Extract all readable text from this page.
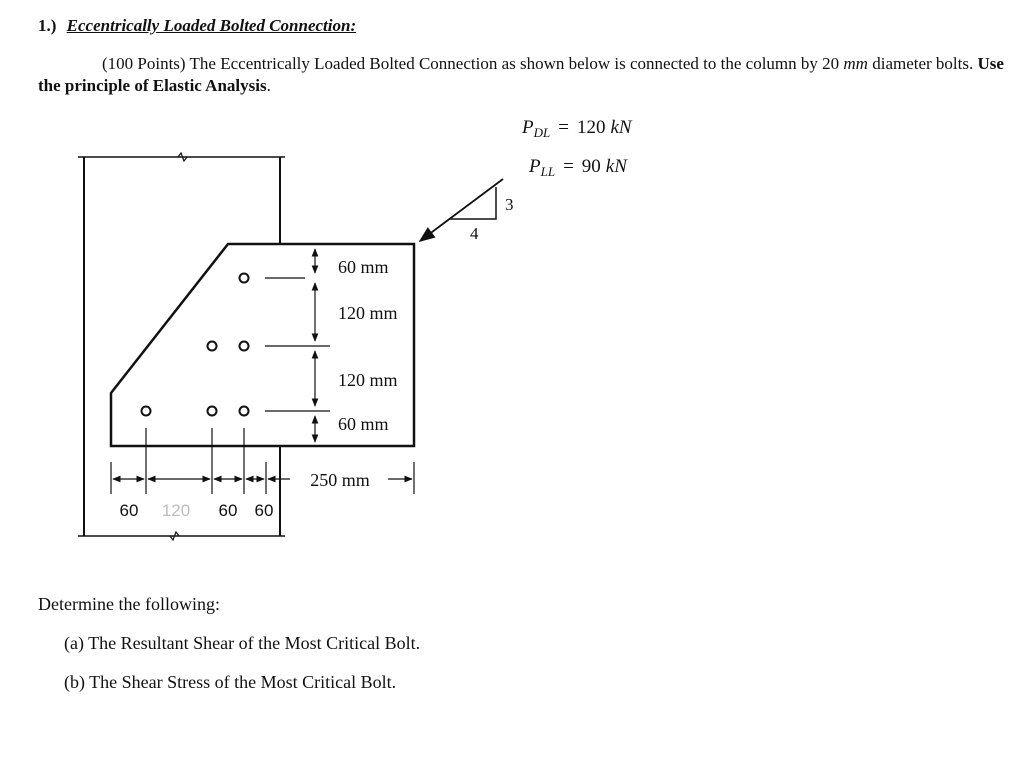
1.) Eccentrically Loaded Bolted Connection:
(100 Points) The Eccentrically Loaded Bolted Connection as shown below is connected to the column by 20 mm diameter bolts. Use the principle of Elastic Analysis.
60 mm
120 mm
120 mm
60 mm
250 mm
60 120 60 60
3
4
$P_{DL} = 120$ kN
$P_{LL} = 90$ kN
Determine the following:
(a) The Resultant Shear of the Most Critical Bolt.
(b) The Shear Stress of the Most Critical Bolt.
